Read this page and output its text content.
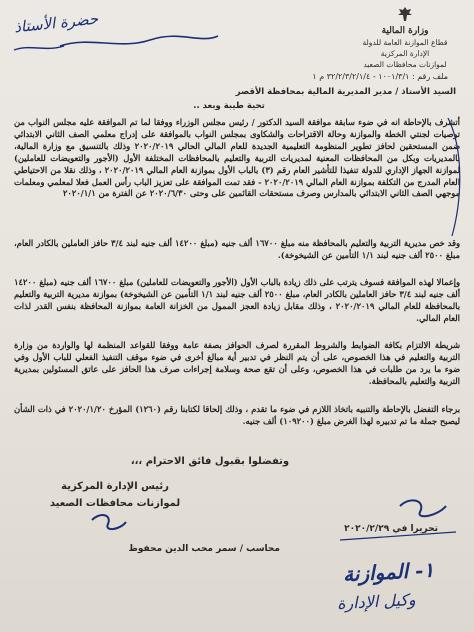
حضرة الأستاذ	وزارة المالية
قطاع الموازنة العامة للدولة
الإدارة المركزية
لموازنات محافظات الصعيد
ملف رقم : ١٠٠١/٣/١ - ٣٢/٢/٣/٢/١/٤ م ١
السيد الأستاذ / مدير المديرية المالية بمحافظة الأقصر
تحية طيبة وبعد ..
أتشرف بالإحاطة انه في ضوء سابقة موافقة السيد الدكتور / رئيس مجلس الوزراء ووفقا لما تم الموافقة عليه مجلس النواب من توصيات لجنتي الخطة والموازنة وحالة الاقتراحات والشكاوى بمجلس النواب بالموافقة على إدراج معلمي الصف الثاني الابتدائي ضمن المستحقين لحافز تطوير المنظومة التعليمية الجديدة للعام المالي الحالي ٢٠٢٠/٢٠١٩ وذلك بالتنسيق مع وزارة المالية، بالمديريات وبكل من المحافظات المعنية لمديريات التربية والتعليم بالمحافظات المختلفة الأول (الأجور والتعويضات للعاملين) لموازنة الجهاز الإداري للدولة تنفيذا للتأشير العام رقم (٣) بالباب الأول بموازنة العام المالي ٢٠٢٠/٢٠١٩ ، وذلك نقلا من الاحتياطي العام المدرج من التكلفة بموازنة العام المالي ٢٠٢٠/٢٠١٩ - فقد تمت الموافقة على تعزيز الباب رأس العمل فعلا لمعلمي ومعلمات موجهي الصف الثاني الابتدائي بالمدارس وصرف مستحقات القائمين على وحتى ٢٠٢٠/٦/٣٠ عن الفترة من ٢٠٢٠/١/١
وقد خص مديرية التربية والتعليم بالمحافظة منه مبلغ ١٦٧٠٠ ألف جنيه (مبلغ ١٤٢٠٠ ألف جنيه لبند ٣/٤ حافز العاملين بالكادر العام، مبلغ ٢٥٠٠ ألف جنيه لبند ١/١ التأمين عن الشيخوخة).
وإعمالا لهذه الموافقة فسوف يترتب على ذلك زيادة بالباب الأول (الأجور والتعويضات للعاملين) مبلغ ١٦٧٠٠ ألف جنيه (مبلغ ١٤٢٠٠ ألف جنيه لبند ٣/٤ حافز العاملين بالكادر العام، مبلغ ٢٥٠٠ ألف جنيه لبند ١/١ التأمين عن الشيخوخة) بموازنة مديرية التربية والتعليم بالمحافظة للعام المالي ٢٠٢٠/٢٠١٩ ، وذلك مقابل زيادة العجز الممول من الخزانة العامة بموازنة المحافظة بنفس القدر لذات العام المالي.
شريطة الالتزام بكافة الضوابط والشروط المقررة لصرف الحوافز بصفة عامة ووفقا للقواعد المنظمة لها والواردة من وزارة التربية والتعليم في هذا الخصوص، على أن يتم النظر في تدبير أية مبالغ أخرى في ضوء موقف التنفيذ الفعلي للباب الأول وفي ضوء ما يرد من طلبات في هذا الخصوص، وعلى أن تقع صحة وسلامة إجراءات صرف هذا الحافز على عاتق المسئولين بمديرية التربية والتعليم بالمحافظة.
برجاء التفضل بالإحاطة والتنبيه باتخاذ اللازم في ضوء ما تقدم ، وذلك إلحاقا لكتابنا رقم (١٢٦٠) المؤرخ ٢٠٢٠/١/٢٠ في ذات الشأن ليصبح جملة ما تم تدبيره لهذا الغرض مبلغ (١٠٩٢٠٠) ألف جنيه.
وتفضلوا بقبول فائق الاحترام ،،،
رئيس الإدارة المركزية
لموازنات محافظات الصعيد
محاسب / سمر محب الدين محفوظ
تحريرا في ٢٠٢٠/٢/٢٩
١- الموازنة
وكيل الإدارة
